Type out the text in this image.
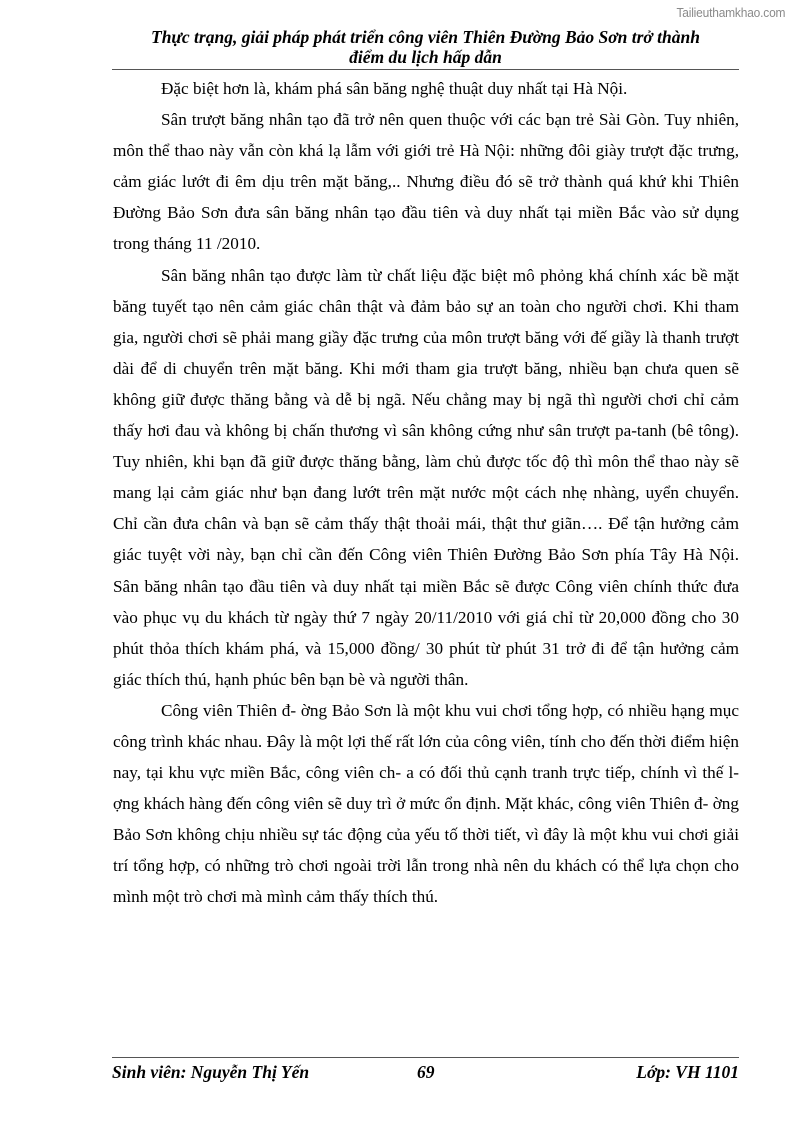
Tailieuthamkhao.com
Thực trạng, giải pháp phát triển công viên Thiên Đường Bảo Sơn trở thành
điểm du lịch hấp dẫn

Đặc biệt hơn là, khám phá sân băng nghệ thuật duy nhất tại Hà Nội.

Sân trượt băng nhân tạo đã trở nên quen thuộc với các bạn trẻ Sài Gòn. Tuy nhiên, môn thể thao này vẫn còn khá lạ lẫm với giới trẻ Hà Nội: những đôi giày trượt đặc trưng, cảm giác lướt đi êm dịu trên mặt băng,.. Nhưng điều đó sẽ trở thành quá khứ khi Thiên Đường Bảo Sơn đưa sân băng nhân tạo đầu tiên và duy nhất tại miền Bắc vào sử dụng trong tháng 11 /2010.

Sân băng nhân tạo được làm từ chất liệu đặc biệt mô phỏng khá chính xác bề mặt băng tuyết tạo nên cảm giác chân thật và đảm bảo sự an toàn cho người chơi. Khi tham gia, người chơi sẽ phải mang giầy đặc trưng của môn trượt băng với đế giầy là thanh trượt dài để di chuyển trên mặt băng. Khi mới tham gia trượt băng, nhiều bạn chưa quen sẽ không giữ được thăng bằng và dễ bị ngã. Nếu chẳng may bị ngã thì người chơi chỉ cảm thấy hơi đau và không bị chấn thương vì sân không cứng như sân trượt pa-tanh (bê tông). Tuy nhiên, khi bạn đã giữ được thăng bằng, làm chủ được tốc độ thì môn thể thao này sẽ mang lại cảm giác như bạn đang lướt trên mặt nước một cách nhẹ nhàng, uyển chuyển. Chỉ cần đưa chân và bạn sẽ cảm thấy thật thoải mái, thật thư giãn…. Để tận hưởng cảm giác tuyệt vời này, bạn chỉ cần đến Công viên Thiên Đường Bảo Sơn phía Tây Hà Nội. Sân băng nhân tạo đầu tiên và duy nhất tại miền Bắc sẽ được Công viên chính thức đưa vào phục vụ du khách từ ngày thứ 7 ngày 20/11/2010 với giá chỉ từ 20,000 đồng cho 30 phút thỏa thích khám phá, và 15,000 đồng/ 30 phút từ phút 31 trở đi để tận hưởng cảm giác thích thú, hạnh phúc bên bạn bè và người thân.

Công viên Thiên đ- ờng Bảo Sơn là một khu vui chơi tổng hợp, có nhiều hạng mục công trình khác nhau. Đây là một lợi thế rất lớn của công viên, tính cho đến thời điểm hiện nay, tại khu vực miền Bắc, công viên ch- a có đối thủ cạnh tranh trực tiếp, chính vì thế l- ợng khách hàng đến công viên sẽ duy trì ở mức ổn định. Mặt khác, công viên Thiên đ- ờng Bảo Sơn không chịu nhiều sự tác động của yếu tố thời tiết, vì đây là một khu vui chơi giải trí tổng hợp, có những trò chơi ngoài trời lẫn trong nhà nên du khách có thể lựa chọn cho mình một trò chơi mà mình cảm thấy thích thú.

Sinh viên: Nguyễn Thị Yến	69	Lớp: VH 1101
